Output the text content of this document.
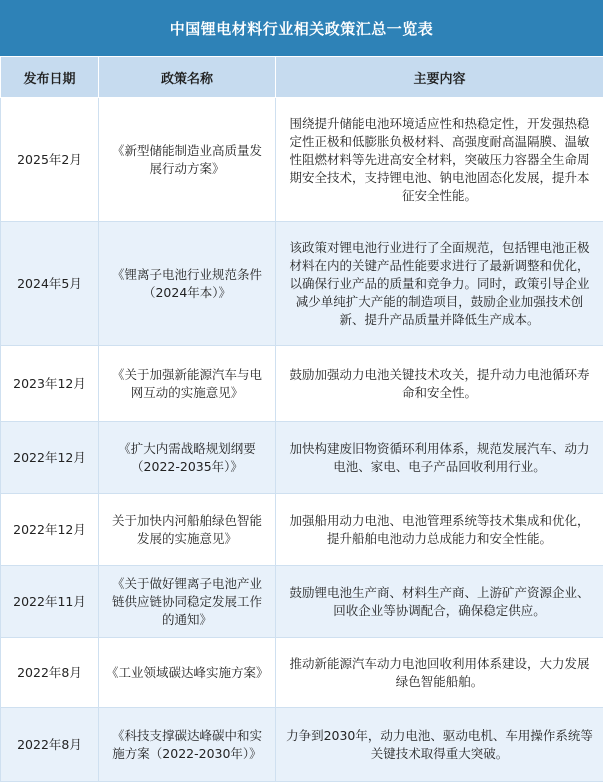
中国锂电材料行业相关政策汇总一览表
发布日期	政策名称	主要内容
2025年2月	《新型储能制造业高质量发展行动方案》	围绕提升储能电池环境适应性和热稳定性，开发强热稳定性正极和低膨胀负极材料、高强度耐高温隔膜、温敏性阻燃材料等先进高安全材料，突破压力容器全生命周期安全技术，支持锂电池、钠电池固态化发展，提升本征安全性能。
2024年5月	《锂离子电池行业规范条件（2024年本）》	该政策对锂电池行业进行了全面规范，包括锂电池正极材料在内的关键产品性能要求进行了最新调整和优化，以确保行业产品的质量和竞争力。同时，政策引导企业减少单纯扩大产能的制造项目，鼓励企业加强技术创新、提升产品质量并降低生产成本。
2023年12月	《关于加强新能源汽车与电网互动的实施意见》	鼓励加强动力电池关键技术攻关，提升动力电池循环寿命和安全性。
2022年12月	《扩大内需战略规划纲要（2022-2035年）》	加快构建废旧物资循环利用体系，规范发展汽车、动力电池、家电、电子产品回收利用行业。
2022年12月	关于加快内河船舶绿色智能发展的实施意见》	加强船用动力电池、电池管理系统等技术集成和优化，提升船舶电池动力总成能力和安全性能。
2022年11月	《关于做好锂离子电池产业链供应链协同稳定发展工作的通知》	鼓励锂电池生产商、材料生产商、上游矿产资源企业、回收企业等协调配合，确保稳定供应。
2022年8月	《工业领域碳达峰实施方案》	推动新能源汽车动力电池回收利用体系建设，大力发展绿色智能船舶。
2022年8月	《科技支撑碳达峰碳中和实施方案（2022-2030年）》	力争到2030年，动力电池、驱动电机、车用操作系统等关键技术取得重大突破。
